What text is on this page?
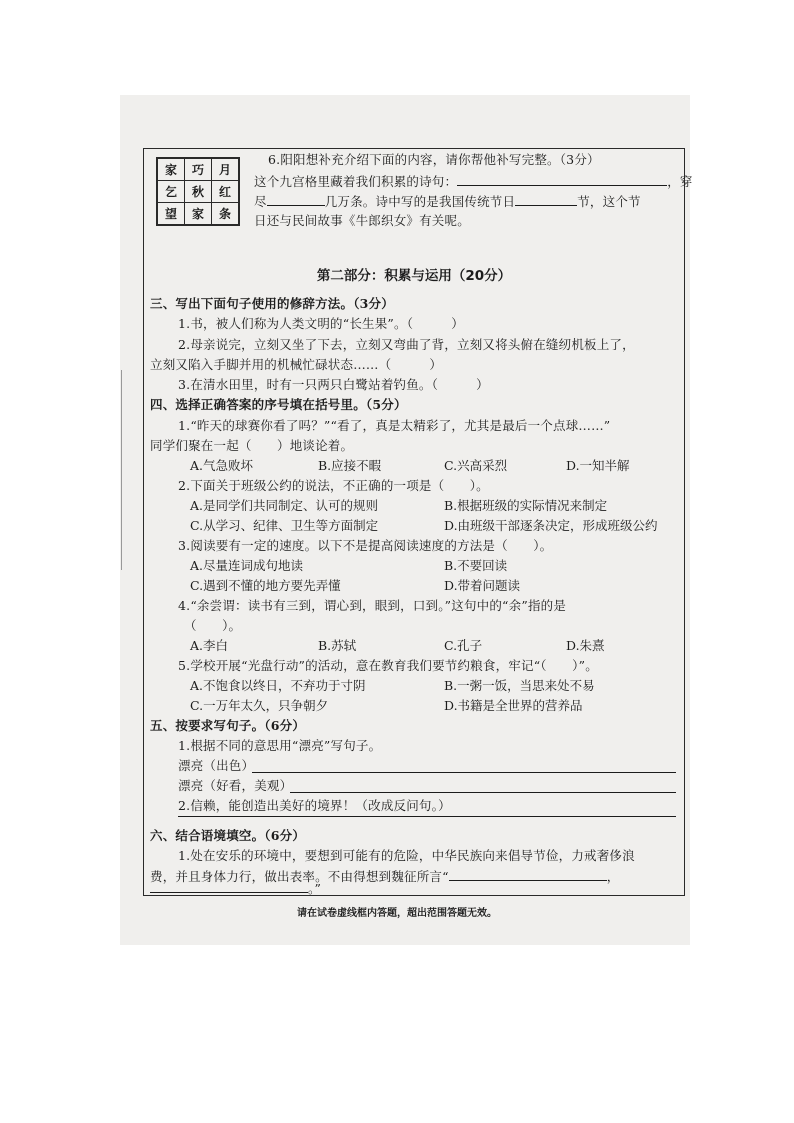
家	巧	月
乞	秋	红
望	家	条
6.阳阳想补充介绍下面的内容，请你帮他补写完整。（3分）
这个九宫格里藏着我们积累的诗句：	，穿
尽	几万条。诗中写的是我国传统节日	节，这个节
日还与民间故事《牛郎织女》有关呢。
第二部分：积累与运用（20分）
三、写出下面句子使用的修辞方法。（3分）
1.书，被人们称为人类文明的“长生果”。（　　　）
2.母亲说完，立刻又坐了下去，立刻又弯曲了背，立刻又将头俯在缝纫机板上了，
立刻又陷入手脚并用的机械忙碌状态……（　　　）
3.在清水田里，时有一只两只白鹭站着钓鱼。（　　　）
四、选择正确答案的序号填在括号里。（5分）
1.“昨天的球赛你看了吗？”“看了，真是太精彩了，尤其是最后一个点球……”
同学们聚在一起（　　）地谈论着。
A.气急败坏	B.应接不暇	C.兴高采烈	D.一知半解
2.下面关于班级公约的说法，不正确的一项是（　　）。
A.是同学们共同制定、认可的规则	B.根据班级的实际情况来制定
C.从学习、纪律、卫生等方面制定	D.由班级干部逐条决定，形成班级公约
3.阅读要有一定的速度。以下不是提高阅读速度的方法是（　　）。
A.尽量连词成句地读	B.不要回读
C.遇到不懂的地方要先弄懂	D.带着问题读
4.“余尝谓：读书有三到，谓心到，眼到，口到。”这句中的“余”指的是
（　　）。
A.李白	B.苏轼	C.孔子	D.朱熹
5.学校开展“光盘行动”的活动，意在教育我们要节约粮食，牢记“（　　）”。
A.不饱食以终日，不弃功于寸阴	B.一粥一饭，当思来处不易
C.一万年太久，只争朝夕	D.书籍是全世界的营养品
五、按要求写句子。（6分）
1.根据不同的意思用“漂亮”写句子。
漂亮（出色）
漂亮（好看，美观）
2.信赖，能创造出美好的境界！（改成反问句。）
六、结合语境填空。（6分）
1.处在安乐的环境中，要想到可能有的危险，中华民族向来倡导节俭，力戒奢侈浪
费，并且身体力行，做出表率。不由得想到魏征所言“	，
。”
请在试卷虚线框内答题，超出范围答题无效。
